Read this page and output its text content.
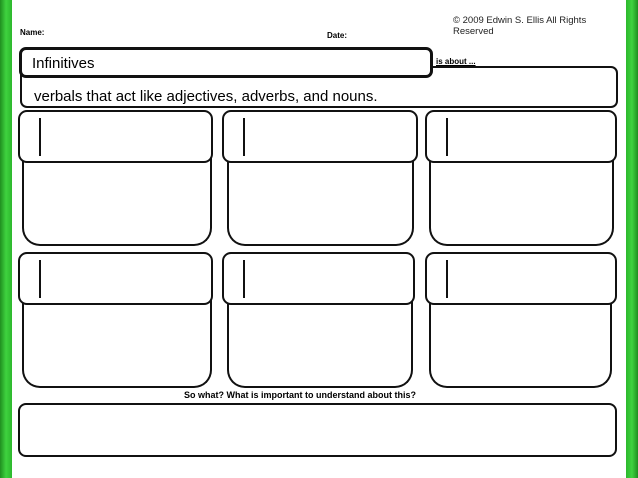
Name:	Date:
© 2009 Edwin S. Ellis All Rights Reserved
verbals that act like adjectives, adverbs, and nouns.
Infinitives	is about ...
So what? What is important to understand about this?
